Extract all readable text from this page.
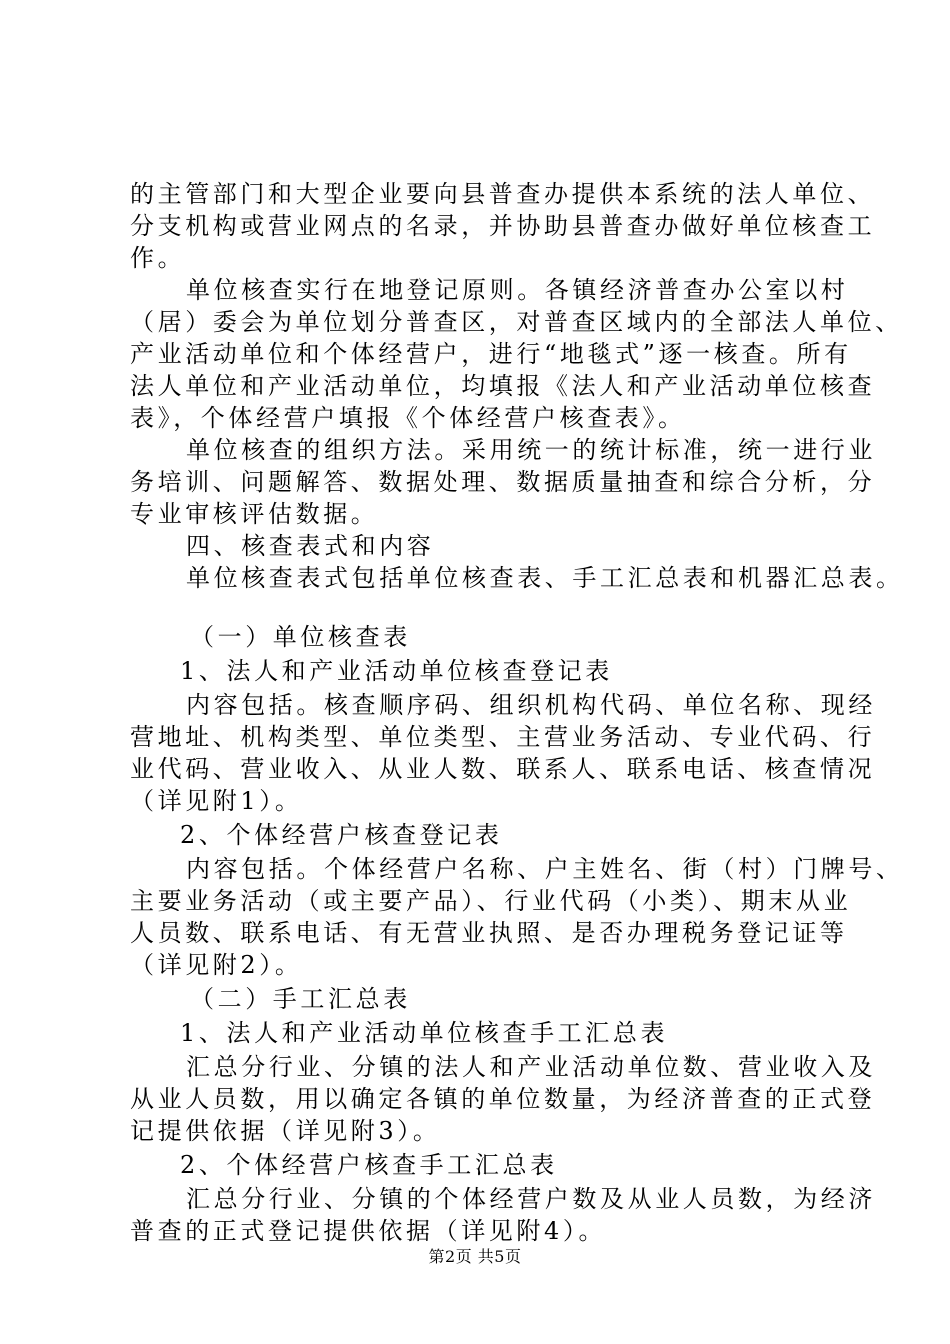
的主管部门和大型企业要向县普查办提供本系统的法人单位、
分支机构或营业网点的名录，并协助县普查办做好单位核查工
作。
单位核查实行在地登记原则。各镇经济普查办公室以村
（居）委会为单位划分普查区，对普查区域内的全部法人单位、
产业活动单位和个体经营户，进行“地毯式”逐一核查。所有
法人单位和产业活动单位，均填报《法人和产业活动单位核查
表》，个体经营户填报《个体经营户核查表》。
单位核查的组织方法。采用统一的统计标准，统一进行业
务培训、问题解答、数据处理、数据质量抽查和综合分析，分
专业审核评估数据。
四、核查表式和内容
单位核查表式包括单位核查表、手工汇总表和机器汇总表。
（一）单位核查表
1、法人和产业活动单位核查登记表
内容包括。核查顺序码、组织机构代码、单位名称、现经
营地址、机构类型、单位类型、主营业务活动、专业代码、行
业代码、营业收入、从业人数、联系人、联系电话、核查情况
（详见附1）。
2、个体经营户核查登记表
内容包括。个体经营户名称、户主姓名、街（村）门牌号、
主要业务活动（或主要产品）、行业代码（小类）、期末从业
人员数、联系电话、有无营业执照、是否办理税务登记证等
（详见附2）。
（二）手工汇总表
1、法人和产业活动单位核查手工汇总表
汇总分行业、分镇的法人和产业活动单位数、营业收入及
从业人员数，用以确定各镇的单位数量，为经济普查的正式登
记提供依据（详见附3）。
2、个体经营户核查手工汇总表
汇总分行业、分镇的个体经营户数及从业人员数，为经济
普查的正式登记提供依据（详见附4）。
第2页 共5页
